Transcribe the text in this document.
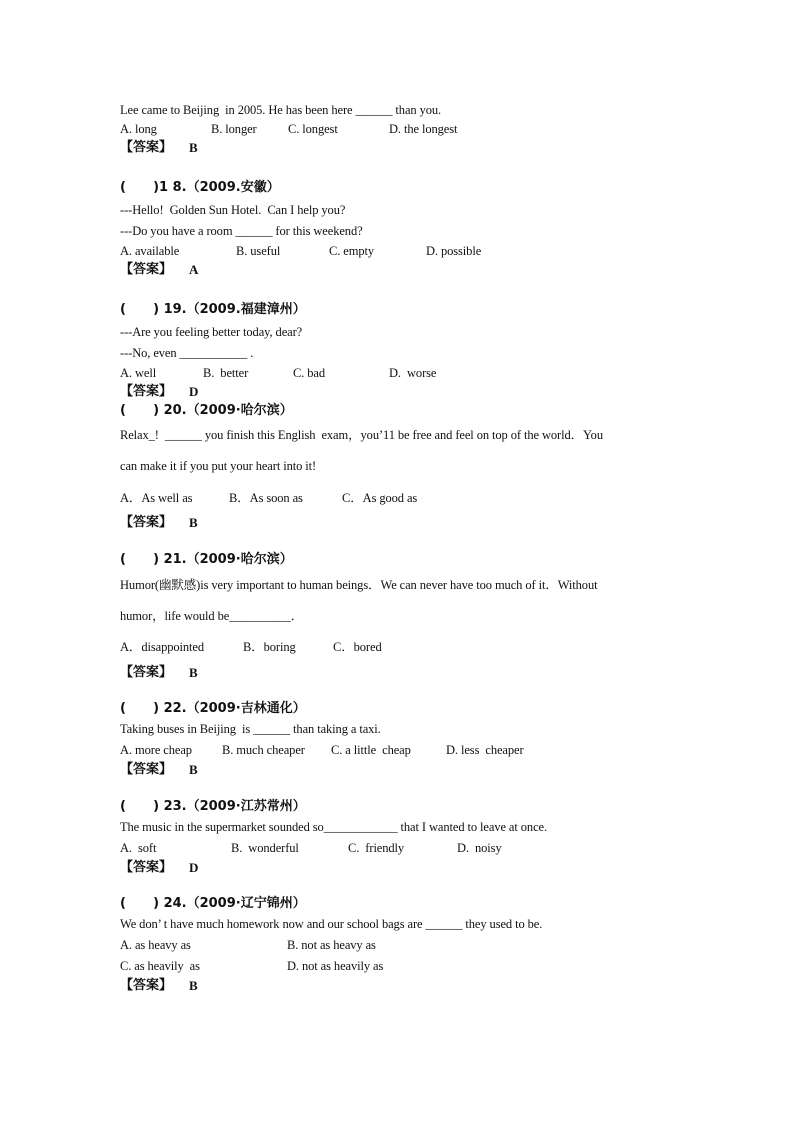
Lee came to Beijing  in 2005. He has been here ______ than you.
A. long	B. longer	C. longest	D. the longest
【答案】 B
(      )1 8.（2009.安徽）
---Hello!  Golden Sun Hotel.  Can I help you?
---Do you have a room ______ for this weekend?
A. available	B. useful	C. empty	D. possible
【答案】 A
(      ) 19.（2009.福建漳州）
---Are you feeling better today, dear?
---No, even ___________ .
A. well	B.  better	C. bad	D.  worse
【答案】 D
(      ) 20.（2009·哈尔滨）
Relax_!  ______ you finish this English  exam，you’11 be free and feel on top of the world．You
can make it if you put your heart into it!
A．As well as	B．As soon as	C．As good as
【答案】 B
(      ) 21.（2009·哈尔滨）
Humor(幽默感)is very important to human beings．We can never have too much of it．Without
humor，life would be__________．
A．disappointed	B．boring	C．bored
【答案】 B
(      ) 22.（2009·吉林通化）
Taking buses in Beijing  is ______ than taking a taxi.
A. more cheap B. much cheaper C. a little  cheap	D. less  cheaper
【答案】 B
(      ) 23.（2009·江苏常州）
The music in the supermarket sounded so____________ that I wanted to leave at once.
A.  soft	B.  wonderful	C.  friendly	D.  noisy
【答案】 D
(      ) 24.（2009·辽宁锦州）
We don’ t have much homework now and our school bags are ______ they used to be.
A. as heavy as	B. not as heavy as
C. as heavily  as	D. not as heavily as
【答案】 B
